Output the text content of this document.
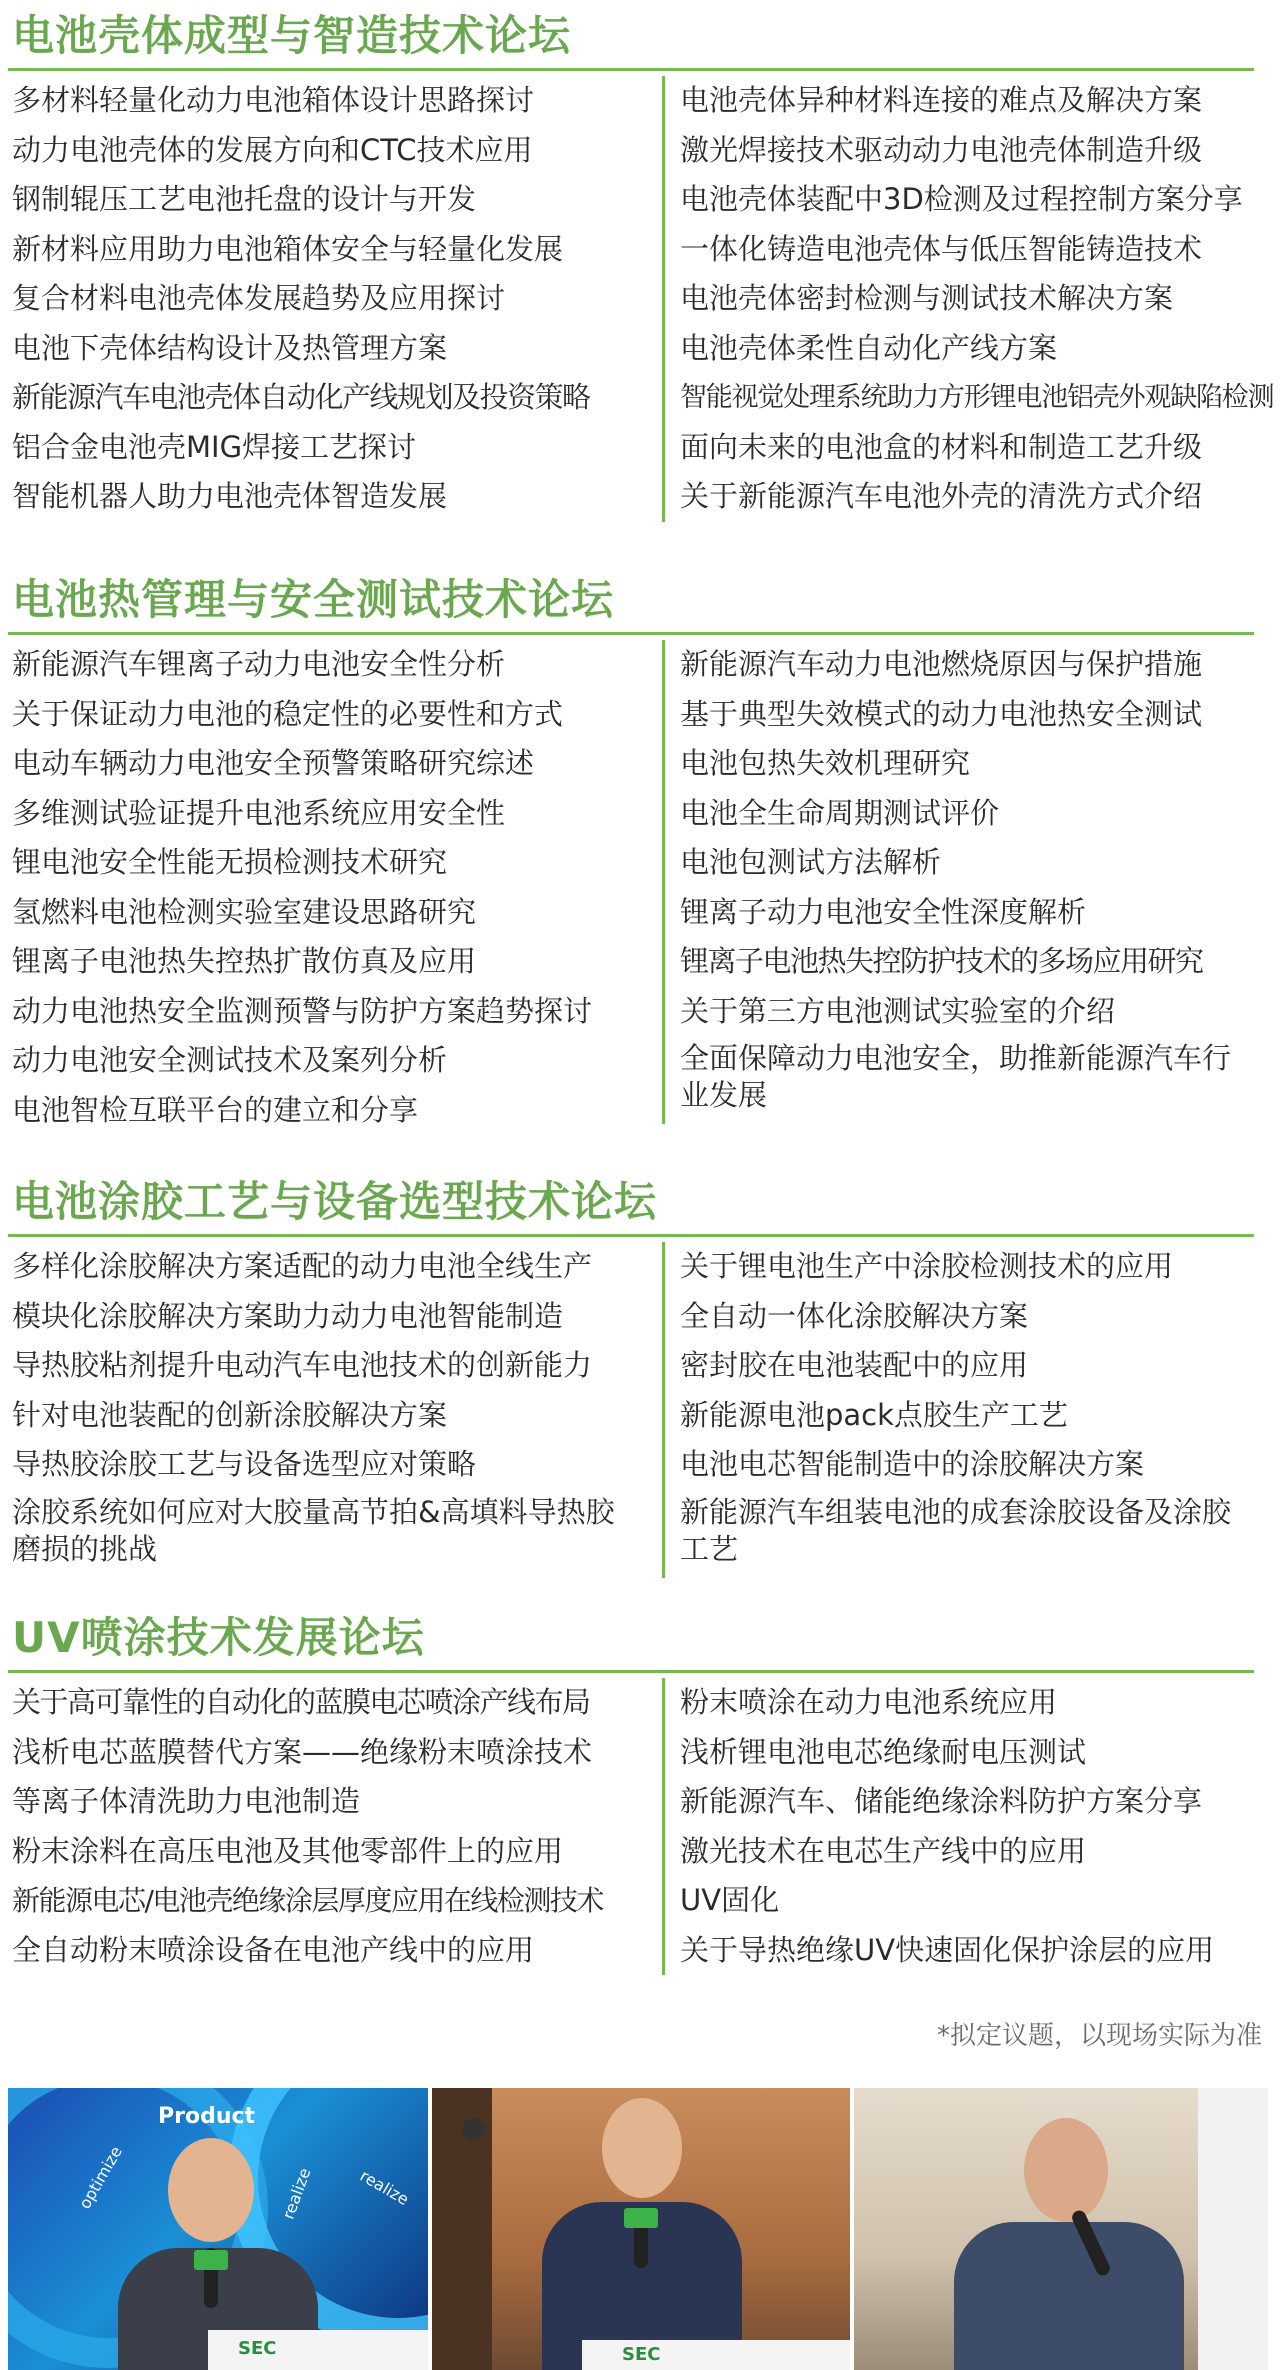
电池壳体成型与智造技术论坛
多材料轻量化动力电池箱体设计思路探讨
动力电池壳体的发展方向和CTC技术应用
钢制辊压工艺电池托盘的设计与开发
新材料应用助力电池箱体安全与轻量化发展
复合材料电池壳体发展趋势及应用探讨
电池下壳体结构设计及热管理方案
新能源汽车电池壳体自动化产线规划及投资策略
铝合金电池壳MIG焊接工艺探讨
智能机器人助力电池壳体智造发展
电池壳体异种材料连接的难点及解决方案
激光焊接技术驱动动力电池壳体制造升级
电池壳体装配中3D检测及过程控制方案分享
一体化铸造电池壳体与低压智能铸造技术
电池壳体密封检测与测试技术解决方案
电池壳体柔性自动化产线方案
智能视觉处理系统助力方形锂电池铝壳外观缺陷检测
面向未来的电池盒的材料和制造工艺升级
关于新能源汽车电池外壳的清洗方式介绍
电池热管理与安全测试技术论坛
新能源汽车锂离子动力电池安全性分析
关于保证动力电池的稳定性的必要性和方式
电动车辆动力电池安全预警策略研究综述
多维测试验证提升电池系统应用安全性
锂电池安全性能无损检测技术研究
氢燃料电池检测实验室建设思路研究
锂离子电池热失控热扩散仿真及应用
动力电池热安全监测预警与防护方案趋势探讨
动力电池安全测试技术及案列分析
电池智检互联平台的建立和分享
新能源汽车动力电池燃烧原因与保护措施
基于典型失效模式的动力电池热安全测试
电池包热失效机理研究
电池全生命周期测试评价
电池包测试方法解析
锂离子动力电池安全性深度解析
锂离子电池热失控防护技术的多场应用研究
关于第三方电池测试实验室的介绍
全面保障动力电池安全，助推新能源汽车行业发展
电池涂胶工艺与设备选型技术论坛
多样化涂胶解决方案适配的动力电池全线生产
模块化涂胶解决方案助力动力电池智能制造
导热胶粘剂提升电动汽车电池技术的创新能力
针对电池装配的创新涂胶解决方案
导热胶涂胶工艺与设备选型应对策略
涂胶系统如何应对大胶量高节拍&高填料导热胶磨损的挑战
关于锂电池生产中涂胶检测技术的应用
全自动一体化涂胶解决方案
密封胶在电池装配中的应用
新能源电池pack点胶生产工艺
电池电芯智能制造中的涂胶解决方案
新能源汽车组装电池的成套涂胶设备及涂胶工艺
UV喷涂技术发展论坛
关于高可靠性的自动化的蓝膜电芯喷涂产线布局
浅析电芯蓝膜替代方案——绝缘粉末喷涂技术
等离子体清洗助力电池制造
粉末涂料在高压电池及其他零部件上的应用
新能源电芯/电池壳绝缘涂层厚度应用在线检测技术
全自动粉末喷涂设备在电池产线中的应用
粉末喷涂在动力电池系统应用
浅析锂电池电芯绝缘耐电压测试
新能源汽车、储能绝缘涂料防护方案分享
激光技术在电芯生产线中的应用
UV固化
关于导热绝缘UV快速固化保护涂层的应用
*拟定议题，以现场实际为准
Product
optimize	realize	realize
SEC	SEC
